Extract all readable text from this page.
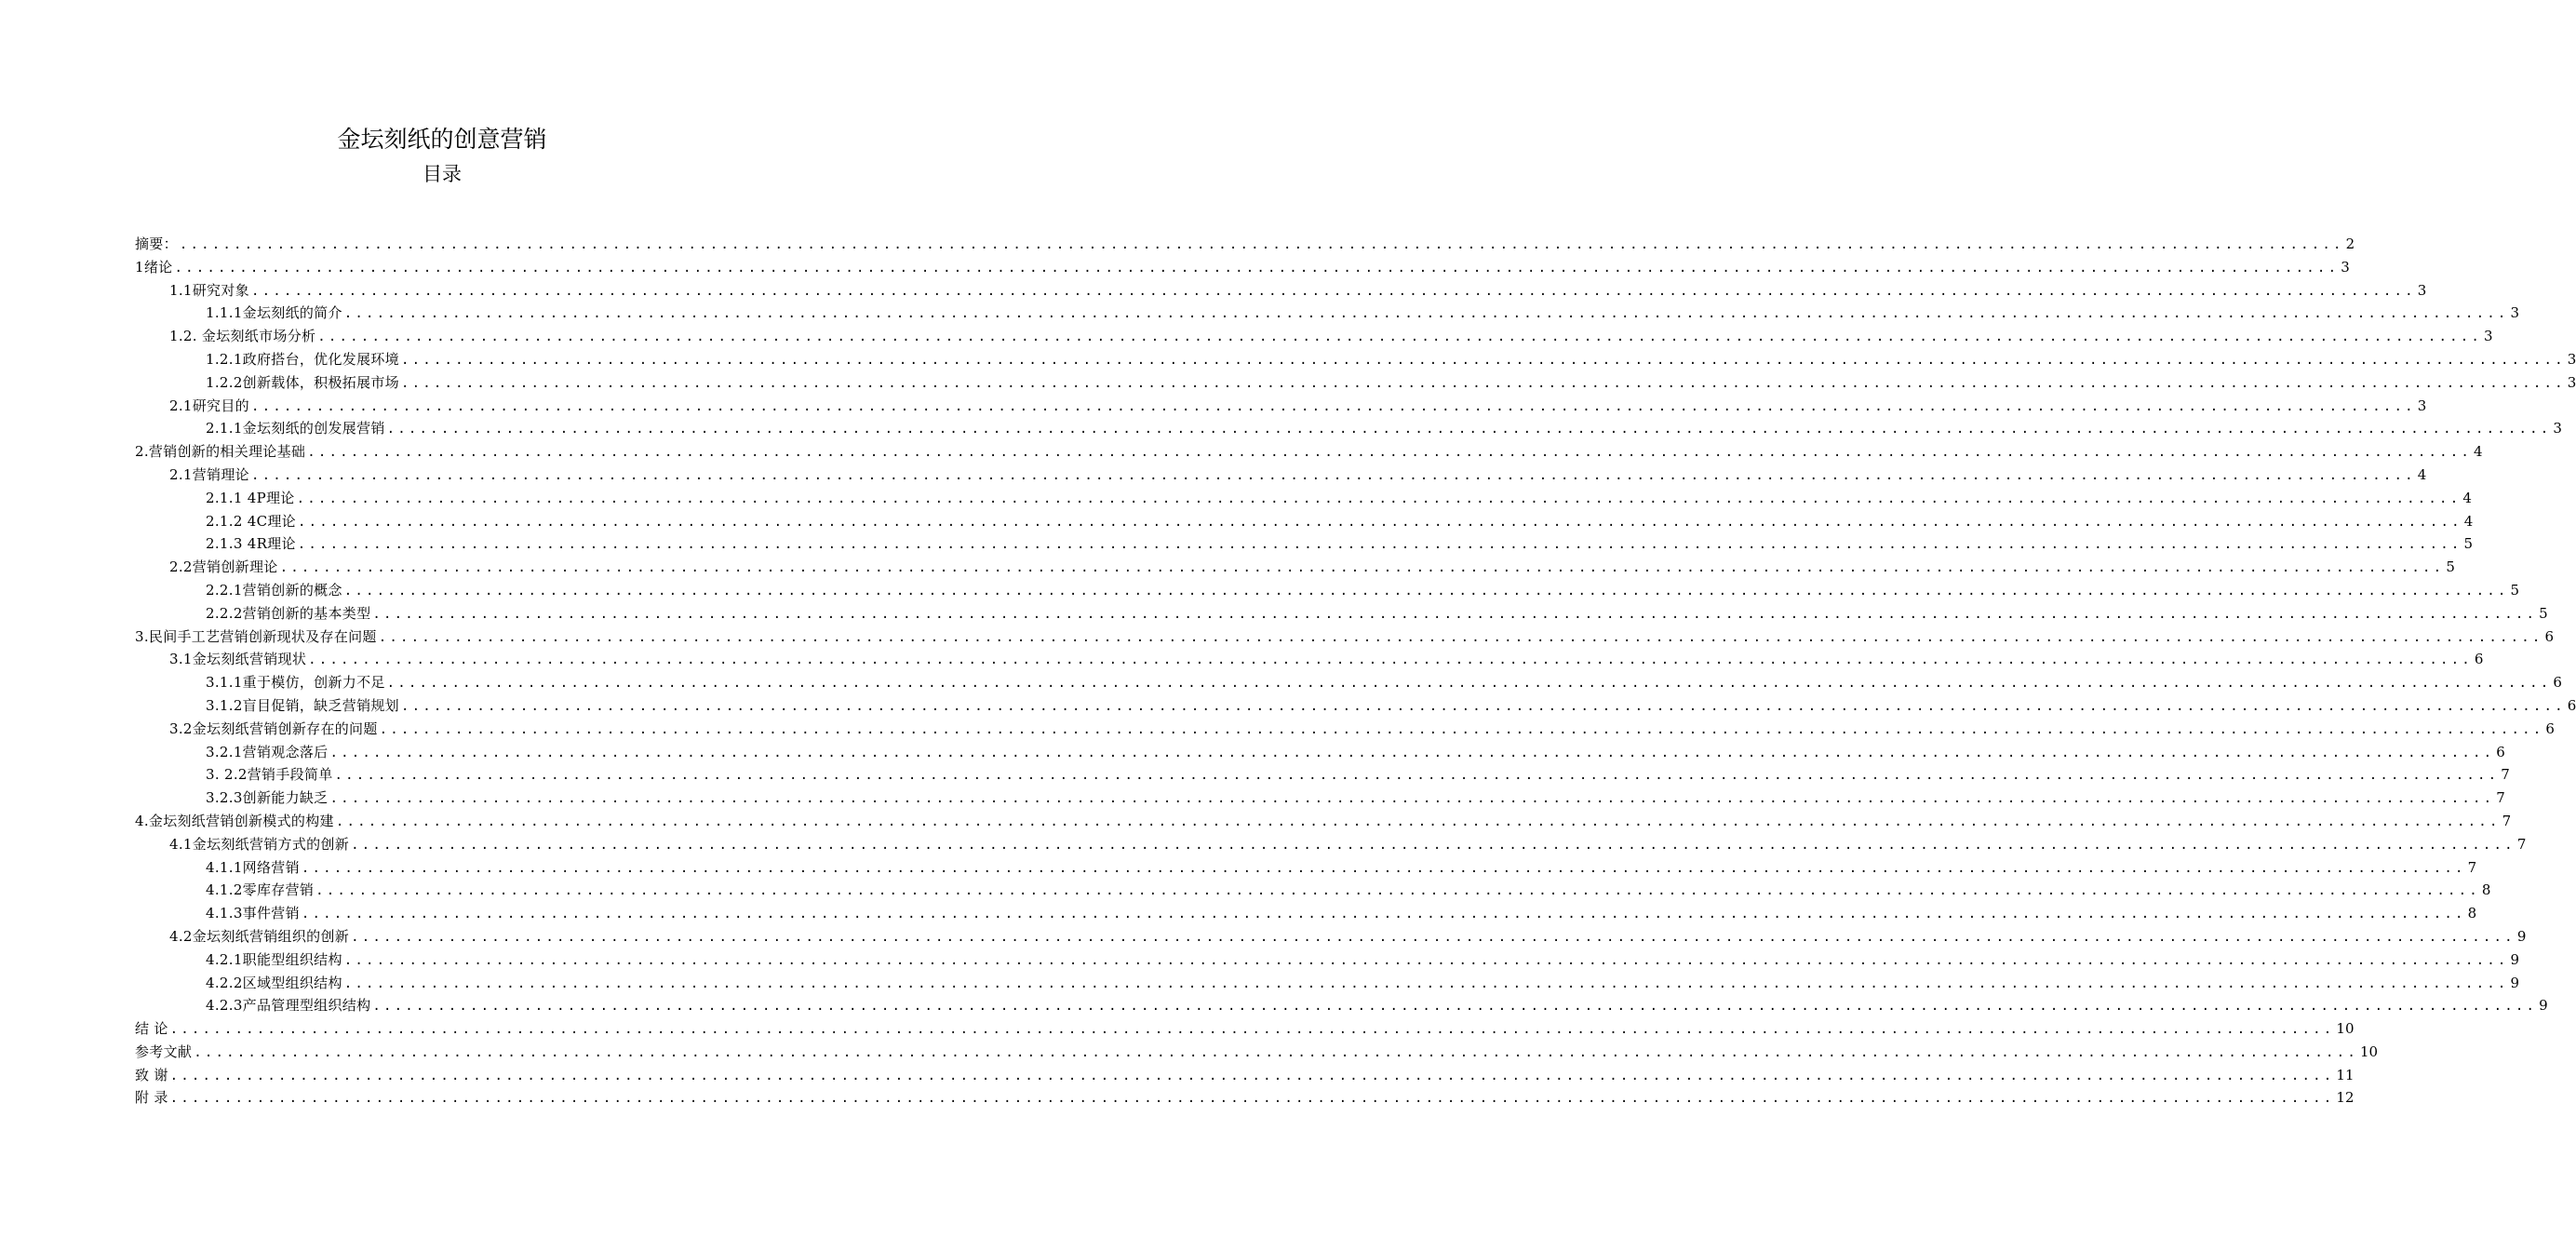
金坛刻纸的创意营销
目录
摘要： ........................................................................................................................................................................................................ 2
1绪论 ........................................................................................................................................................................................................ 3
1.1研究对象 ........................................................................................................................................................................................................ 3
1.1.1金坛刻纸的简介 ........................................................................................................................................................................................................ 3
1.2. 金坛刻纸市场分析 ........................................................................................................................................................................................................ 3
1.2.1政府搭台，优化发展环境 ........................................................................................................................................................................................................ 3
1.2.2创新载体，积极拓展市场 ........................................................................................................................................................................................................ 3
2.1研究目的 ........................................................................................................................................................................................................ 3
2.1.1金坛刻纸的创发展营销 ........................................................................................................................................................................................................ 3
2.营销创新的相关理论基础 ........................................................................................................................................................................................................ 4
2.1营销理论 ........................................................................................................................................................................................................ 4
2.1.1 4P理论 ........................................................................................................................................................................................................ 4
2.1.2 4C理论 ........................................................................................................................................................................................................ 4
2.1.3 4R理论 ........................................................................................................................................................................................................ 5
2.2营销创新理论 ........................................................................................................................................................................................................ 5
2.2.1营销创新的概念 ........................................................................................................................................................................................................ 5
2.2.2营销创新的基本类型 ........................................................................................................................................................................................................ 5
3.民间手工艺营销创新现状及存在问题 ........................................................................................................................................................................................................ 6
3.1金坛刻纸营销现状 ........................................................................................................................................................................................................ 6
3.1.1重于模仿，创新力不足 ........................................................................................................................................................................................................ 6
3.1.2盲目促销，缺乏营销规划 ........................................................................................................................................................................................................ 6
3.2金坛刻纸营销创新存在的问题 ........................................................................................................................................................................................................ 6
3.2.1营销观念落后 ........................................................................................................................................................................................................ 6
3. 2.2营销手段简单 ........................................................................................................................................................................................................ 7
3.2.3创新能力缺乏 ........................................................................................................................................................................................................ 7
4.金坛刻纸营销创新模式的构建 ........................................................................................................................................................................................................ 7
4.1金坛刻纸营销方式的创新 ........................................................................................................................................................................................................ 7
4.1.1网络营销 ........................................................................................................................................................................................................ 7
4.1.2零库存营销 ........................................................................................................................................................................................................ 8
4.1.3事件营销 ........................................................................................................................................................................................................ 8
4.2金坛刻纸营销组织的创新 ........................................................................................................................................................................................................ 9
4.2.1职能型组织结构 ........................................................................................................................................................................................................ 9
4.2.2区域型组织结构 ........................................................................................................................................................................................................ 9
4.2.3产品管理型组织结构 ........................................................................................................................................................................................................ 9
结 论 ........................................................................................................................................................................................................ 10
参考文献 ........................................................................................................................................................................................................ 10
致 谢 ........................................................................................................................................................................................................ 11
附 录 ........................................................................................................................................................................................................ 12
